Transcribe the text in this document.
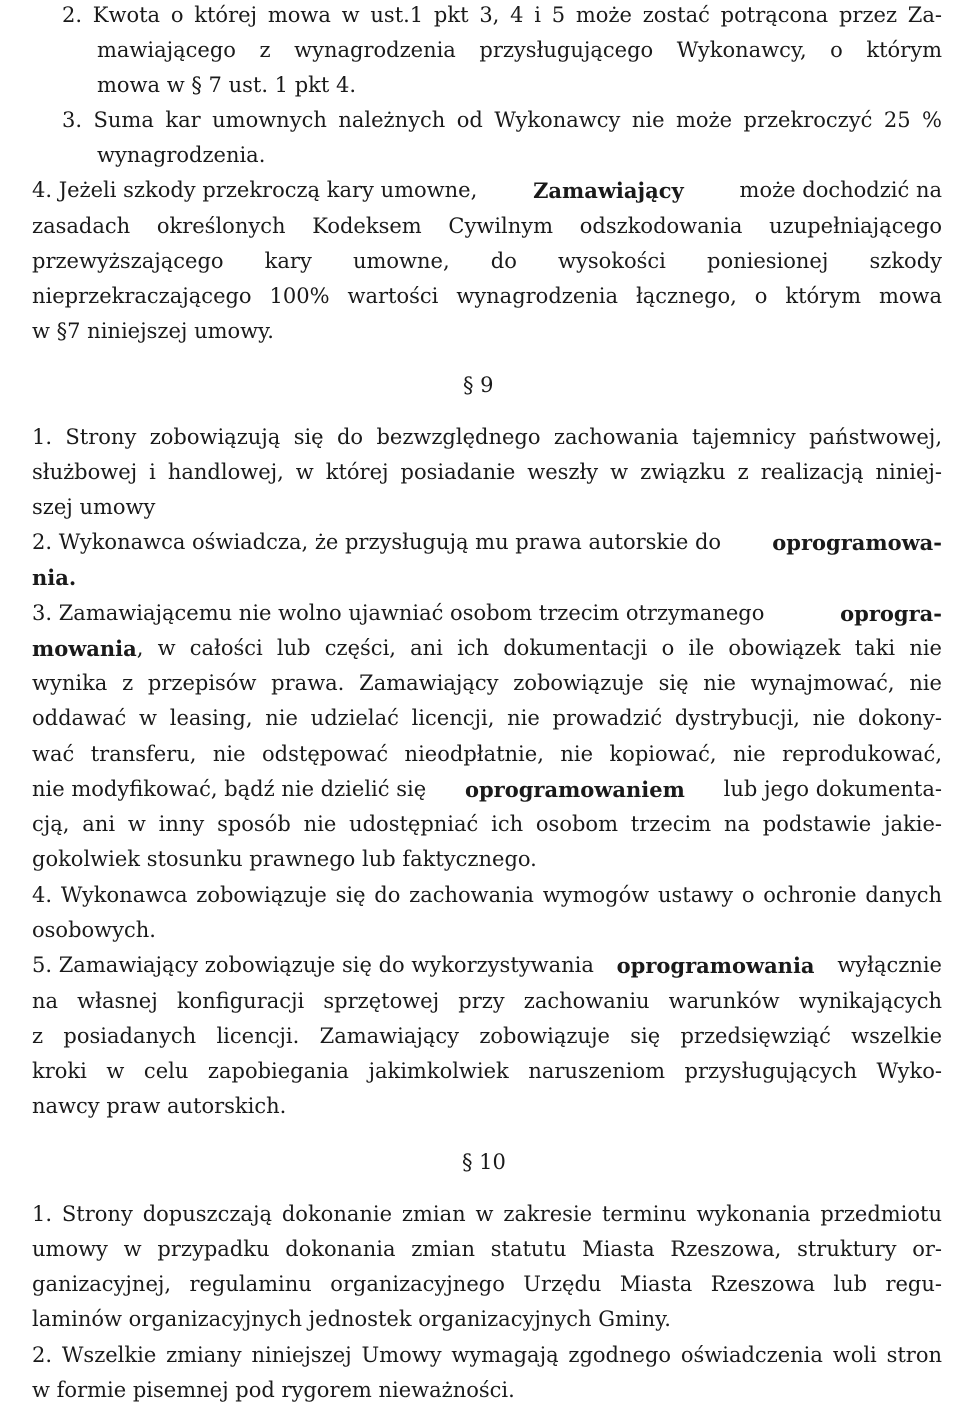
2. Kwota o której mowa w ust.1 pkt 3, 4 i 5 może zostać potrącona przez Za-
mawiającego z wynagrodzenia przysługującego Wykonawcy, o którym
mowa w § 7 ust. 1 pkt 4.
3. Suma kar umownych należnych od Wykonawcy nie może przekroczyć 25 %
wynagrodzenia.
4. Jeżeli szkody przekroczą kary umowne,	Zamawiający	może dochodzić na
zasadach określonych Kodeksem Cywilnym odszkodowania uzupełniającego
przewyższającego kary umowne, do wysokości poniesionej szkody
nieprzekraczającego 100% wartości wynagrodzenia łącznego, o którym mowa
w §7 niniejszej umowy.
§ 9
1. Strony zobowiązują się do bezwzględnego zachowania tajemnicy państwowej,
służbowej i handlowej, w której posiadanie weszły w związku z realizacją niniej-
szej umowy
2. Wykonawca oświadcza, że przysługują mu prawa autorskie do oprogramowa-
nia.
3. Zamawiającemu nie wolno ujawniać osobom trzecim otrzymanego	oprogra-
mowania , w całości lub części, ani ich dokumentacji o ile obowiązek taki nie
wynika z przepisów prawa. Zamawiający zobowiązuje się nie wynajmować, nie
oddawać w leasing, nie udzielać licencji, nie prowadzić dystrybucji, nie dokony-
wać transferu, nie odstępować nieodpłatnie, nie kopiować, nie reprodukować,
nie modyfikować, bądź nie dzielić się oprogramowaniem lub jego dokumenta-
cją, ani w inny sposób nie udostępniać ich osobom trzecim na podstawie jakie-
gokolwiek stosunku prawnego lub faktycznego.
4. Wykonawca zobowiązuje się do zachowania wymogów ustawy o ochronie danych
osobowych.
5. Zamawiający zobowiązuje się do wykorzystywania oprogramowania wyłącznie
na własnej konfiguracji sprzętowej przy zachowaniu warunków wynikających
z posiadanych licencji. Zamawiający zobowiązuje się przedsięwziąć wszelkie
kroki w celu zapobiegania jakimkolwiek naruszeniom przysługujących Wyko-
nawcy praw autorskich.
§ 10
1. Strony dopuszczają dokonanie zmian w zakresie terminu wykonania przedmiotu
umowy w przypadku dokonania zmian statutu Miasta Rzeszowa, struktury or-
ganizacyjnej, regulaminu organizacyjnego Urzędu Miasta Rzeszowa lub regu-
laminów organizacyjnych jednostek organizacyjnych Gminy.
2. Wszelkie zmiany niniejszej Umowy wymagają zgodnego oświadczenia woli stron
w formie pisemnej pod rygorem nieważności.
